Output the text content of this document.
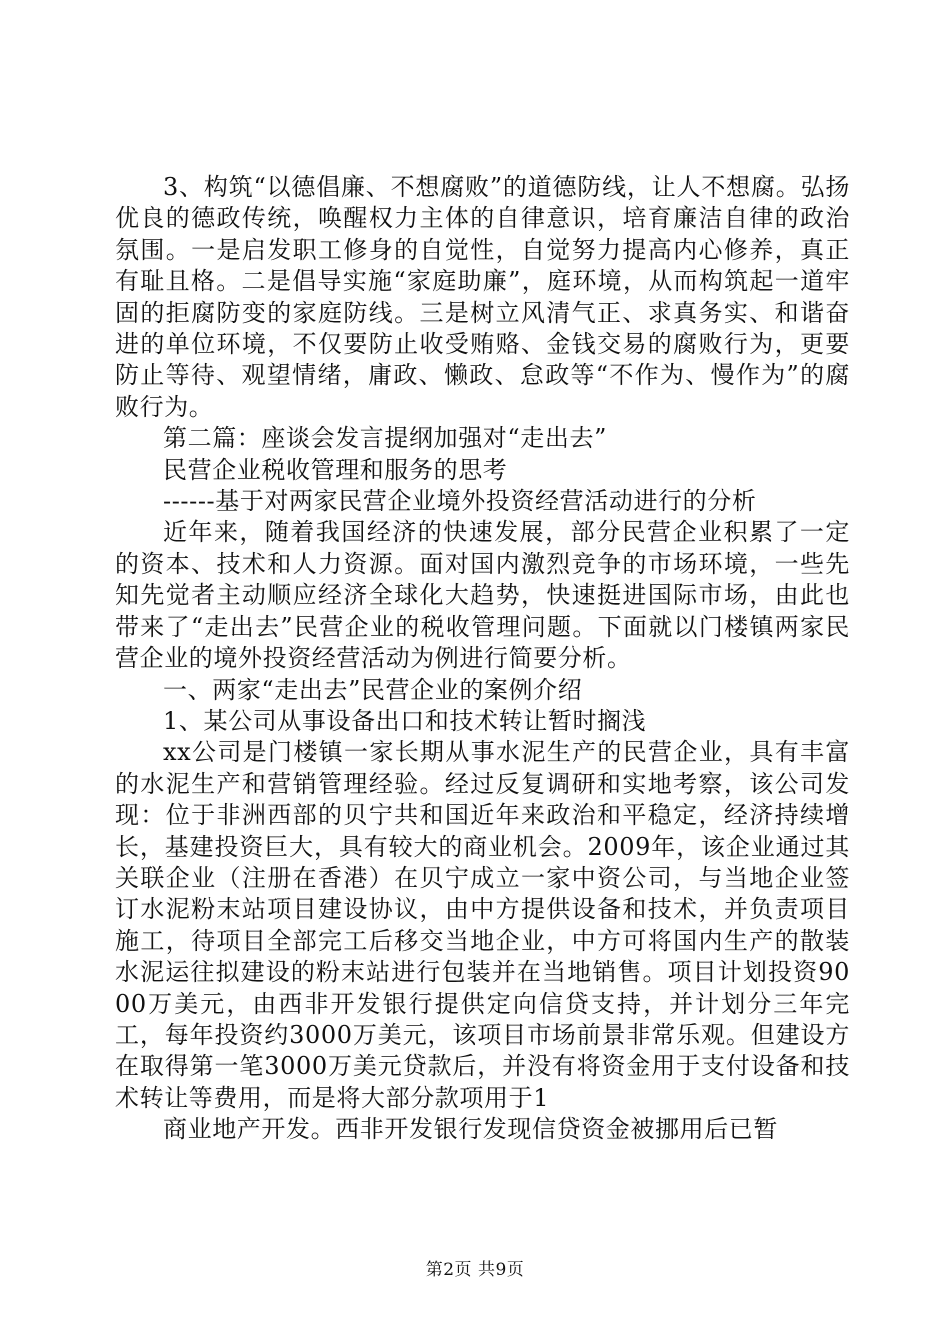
3、构筑“以德倡廉、不想腐败”的道德防线，让人不想腐。弘扬优良的德政传统，唤醒权力主体的自律意识，培育廉洁自律的政治氛围。一是启发职工修身的自觉性，自觉努力提高内心修养，真正有耻且格。二是倡导实施“家庭助廉”，庭环境，从而构筑起一道牢固的拒腐防变的家庭防线。三是树立风清气正、求真务实、和谐奋进的单位环境，不仅要防止收受贿赂、金钱交易的腐败行为，更要防止等待、观望情绪，庸政、懒政、怠政等“不作为、慢作为”的腐败行为。

第二篇：座谈会发言提纲加强对“走出去”

民营企业税收管理和服务的思考

------基于对两家民营企业境外投资经营活动进行的分析

近年来，随着我国经济的快速发展，部分民营企业积累了一定的资本、技术和人力资源。面对国内激烈竞争的市场环境，一些先知先觉者主动顺应经济全球化大趋势，快速挺进国际市场，由此也带来了“走出去”民营企业的税收管理问题。下面就以门楼镇两家民营企业的境外投资经营活动为例进行简要分析。

一、两家“走出去”民营企业的案例介绍

1、某公司从事设备出口和技术转让暂时搁浅

xx公司是门楼镇一家长期从事水泥生产的民营企业，具有丰富的水泥生产和营销管理经验。经过反复调研和实地考察，该公司发现：位于非洲西部的贝宁共和国近年来政治和平稳定，经济持续增长，基建投资巨大，具有较大的商业机会。2009年，该企业通过其关联企业（注册在香港）在贝宁成立一家中资公司，与当地企业签订水泥粉末站项目建设协议，由中方提供设备和技术，并负责项目施工，待项目全部完工后移交当地企业，中方可将国内生产的散装水泥运往拟建设的粉末站进行包装并在当地销售。项目计划投资9000万美元，由西非开发银行提供定向信贷支持，并计划分三年完工，每年投资约3000万美元，该项目市场前景非常乐观。但建设方在取得第一笔3000万美元贷款后，并没有将资金用于支付设备和技术转让等费用，而是将大部分款项用于1

商业地产开发。西非开发银行发现信贷资金被挪用后已暂

第2页 共9页
